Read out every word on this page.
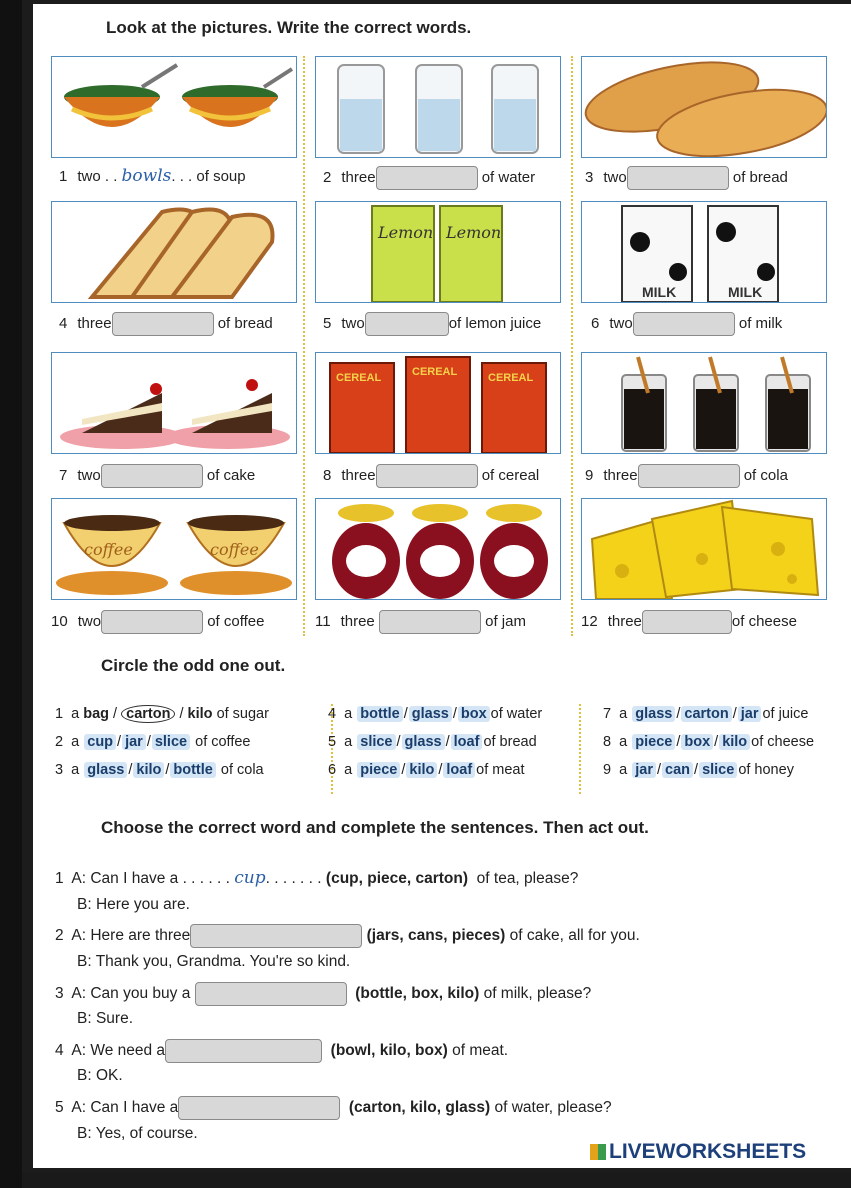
Look at the pictures. Write the correct words.
Lemon Lemon
MILK	MILK
CEREAL	CEREAL	CEREAL
coffee	coffee
1 two . . bowls. . . of soup	2 three	of water	3 two	of bread
4 three	of bread	5 two	of lemon juice	6 two	of milk
7 two	of cake	8 three	of cereal	9 three	of cola
10 two	of coffee	11 three	of jam	12 three	of cheese
Circle the odd one out.
1 a bag / carton / kilo of sugar	4 a bottle / glass / box of water	7 a glass / carton / jar of juice
2 a cup / jar / slice of coffee	5 a slice / glass / loaf of bread	8 a piece / box / kilo of cheese
3 a glass / kilo / bottle of cola	6 a piece / kilo / loaf of meat	9 a jar / can / slice of honey
Choose the correct word and complete the sentences. Then act out.
1 A: Can I have a . . . . . . cup. . . . . . . (cup, piece, carton) of tea, please?
B: Here you are.
2 A: Here are three	(jars, cans, pieces) of cake, all for you.
B: Thank you, Grandma. You're so kind.
3 A: Can you buy a	(bottle, box, kilo) of milk, please?
B: Sure.
4 A: We need a	(bowl, kilo, box) of meat.
B: OK.
5 A: Can I have a	(carton, kilo, glass) of water, please?
B: Yes, of course.
LIVEWORKSHEETS
